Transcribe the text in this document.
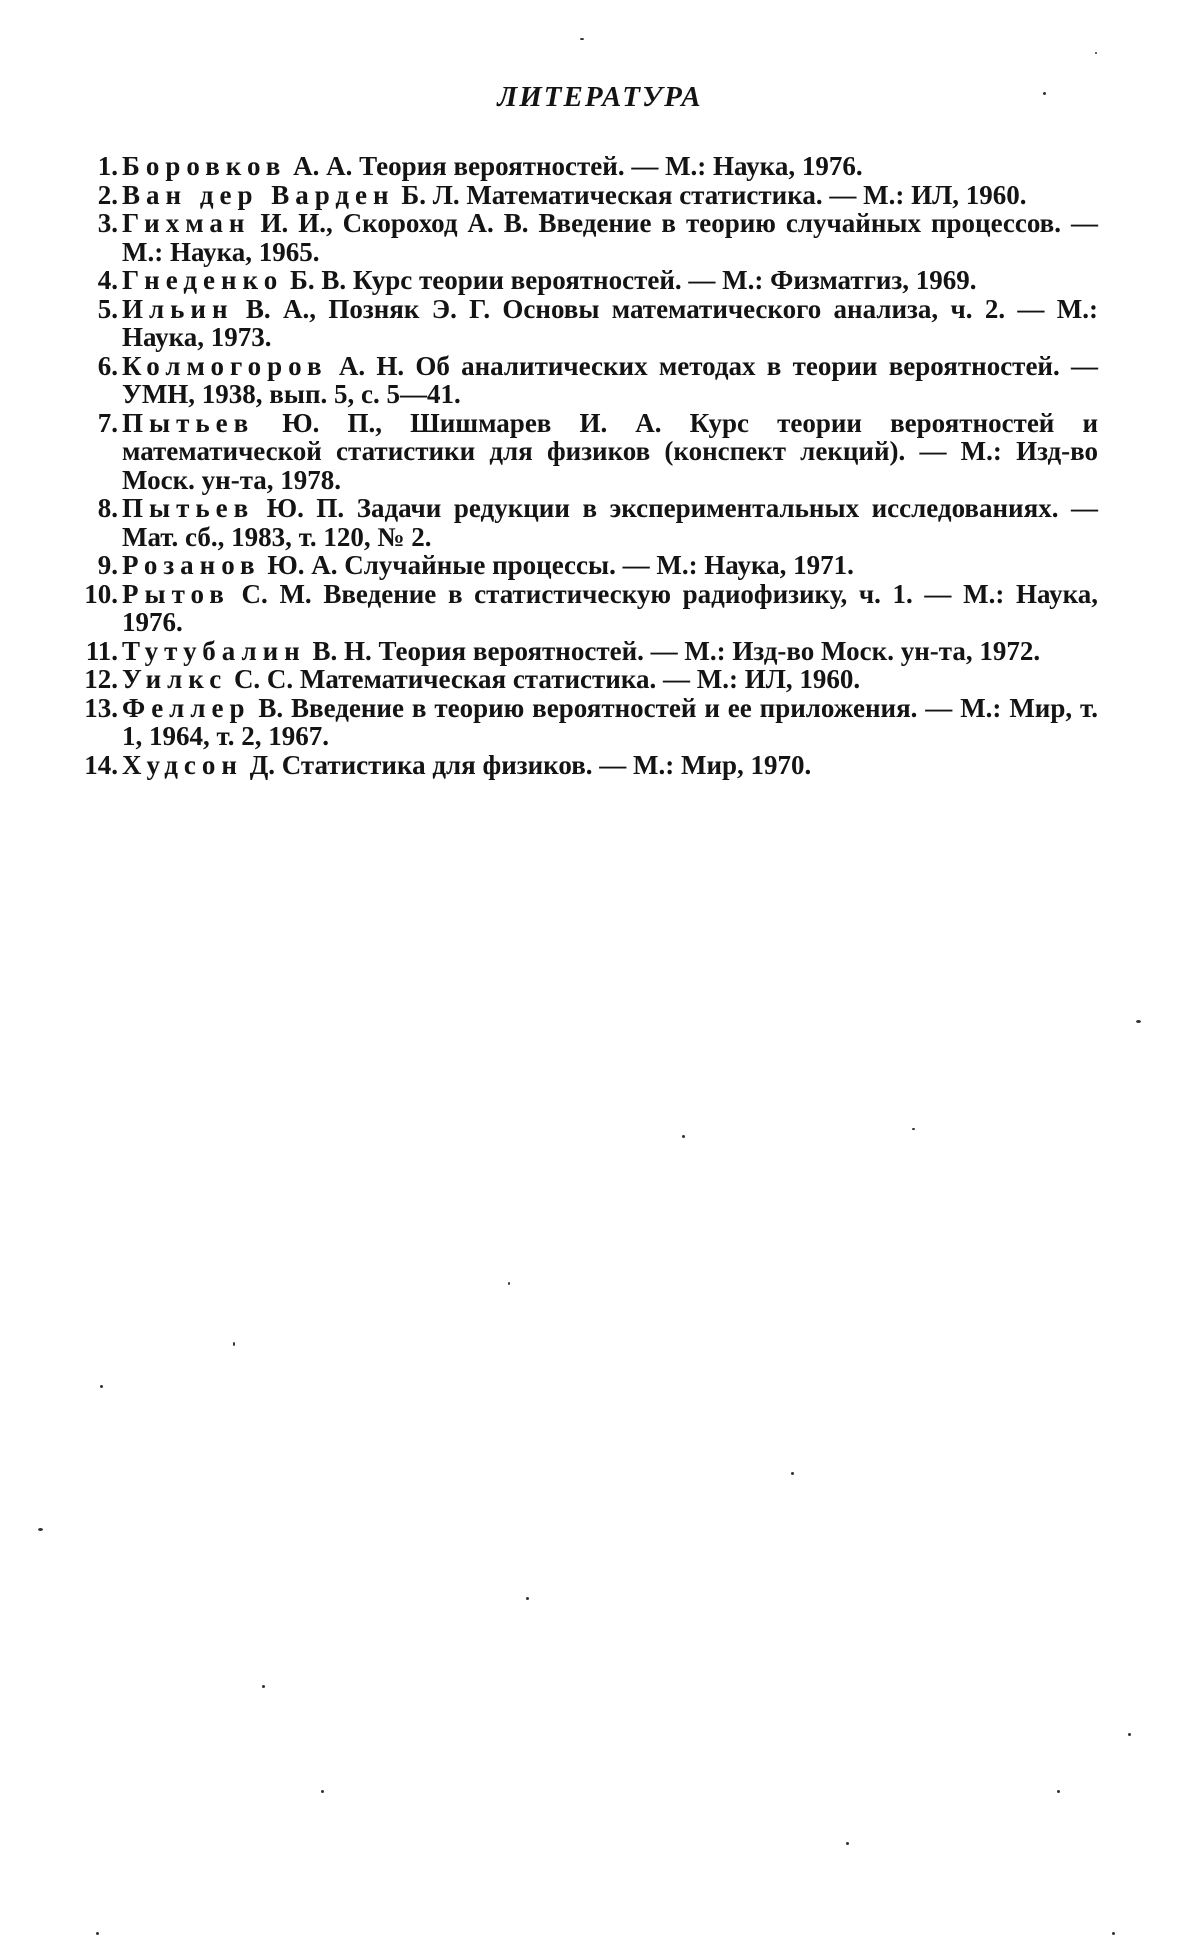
ЛИТЕРАТУРА
1. Боровков А. А. Теория вероятностей. — М.: Наука, 1976.
2. Ван дер Варден Б. Л. Математическая статистика. — М.: ИЛ, 1960.
3. Гихман И. И., Скороход А. В. Введение в теорию случайных процессов. — М.: Наука, 1965.
4. Гнеденко Б. В. Курс теории вероятностей. — М.: Физматгиз, 1969.
5. Ильин В. А., Позняк Э. Г. Основы математического анализа, ч. 2. — М.: Наука, 1973.
6. Колмогоров А. Н. Об аналитических методах в теории вероятностей. — УМН, 1938, вып. 5, с. 5—41.
7. Пытьев Ю. П., Шишмарев И. А. Курс теории вероятностей и математической статистики для физиков (конспект лекций). — М.: Изд-во Моск. ун-та, 1978.
8. Пытьев Ю. П. Задачи редукции в экспериментальных исследованиях. — Мат. сб., 1983, т. 120, № 2.
9. Розанов Ю. А. Случайные процессы. — М.: Наука, 1971.
10. Рытов С. М. Введение в статистическую радиофизику, ч. 1. — М.: Наука, 1976.
11. Тутубалин В. Н. Теория вероятностей. — М.: Изд-во Моск. ун-та, 1972.
12. Уилкс С. С. Математическая статистика. — М.: ИЛ, 1960.
13. Феллер В. Введение в теорию вероятностей и ее приложения. — М.: Мир, т. 1, 1964, т. 2, 1967.
14. Худсон Д. Статистика для физиков. — М.: Мир, 1970.
